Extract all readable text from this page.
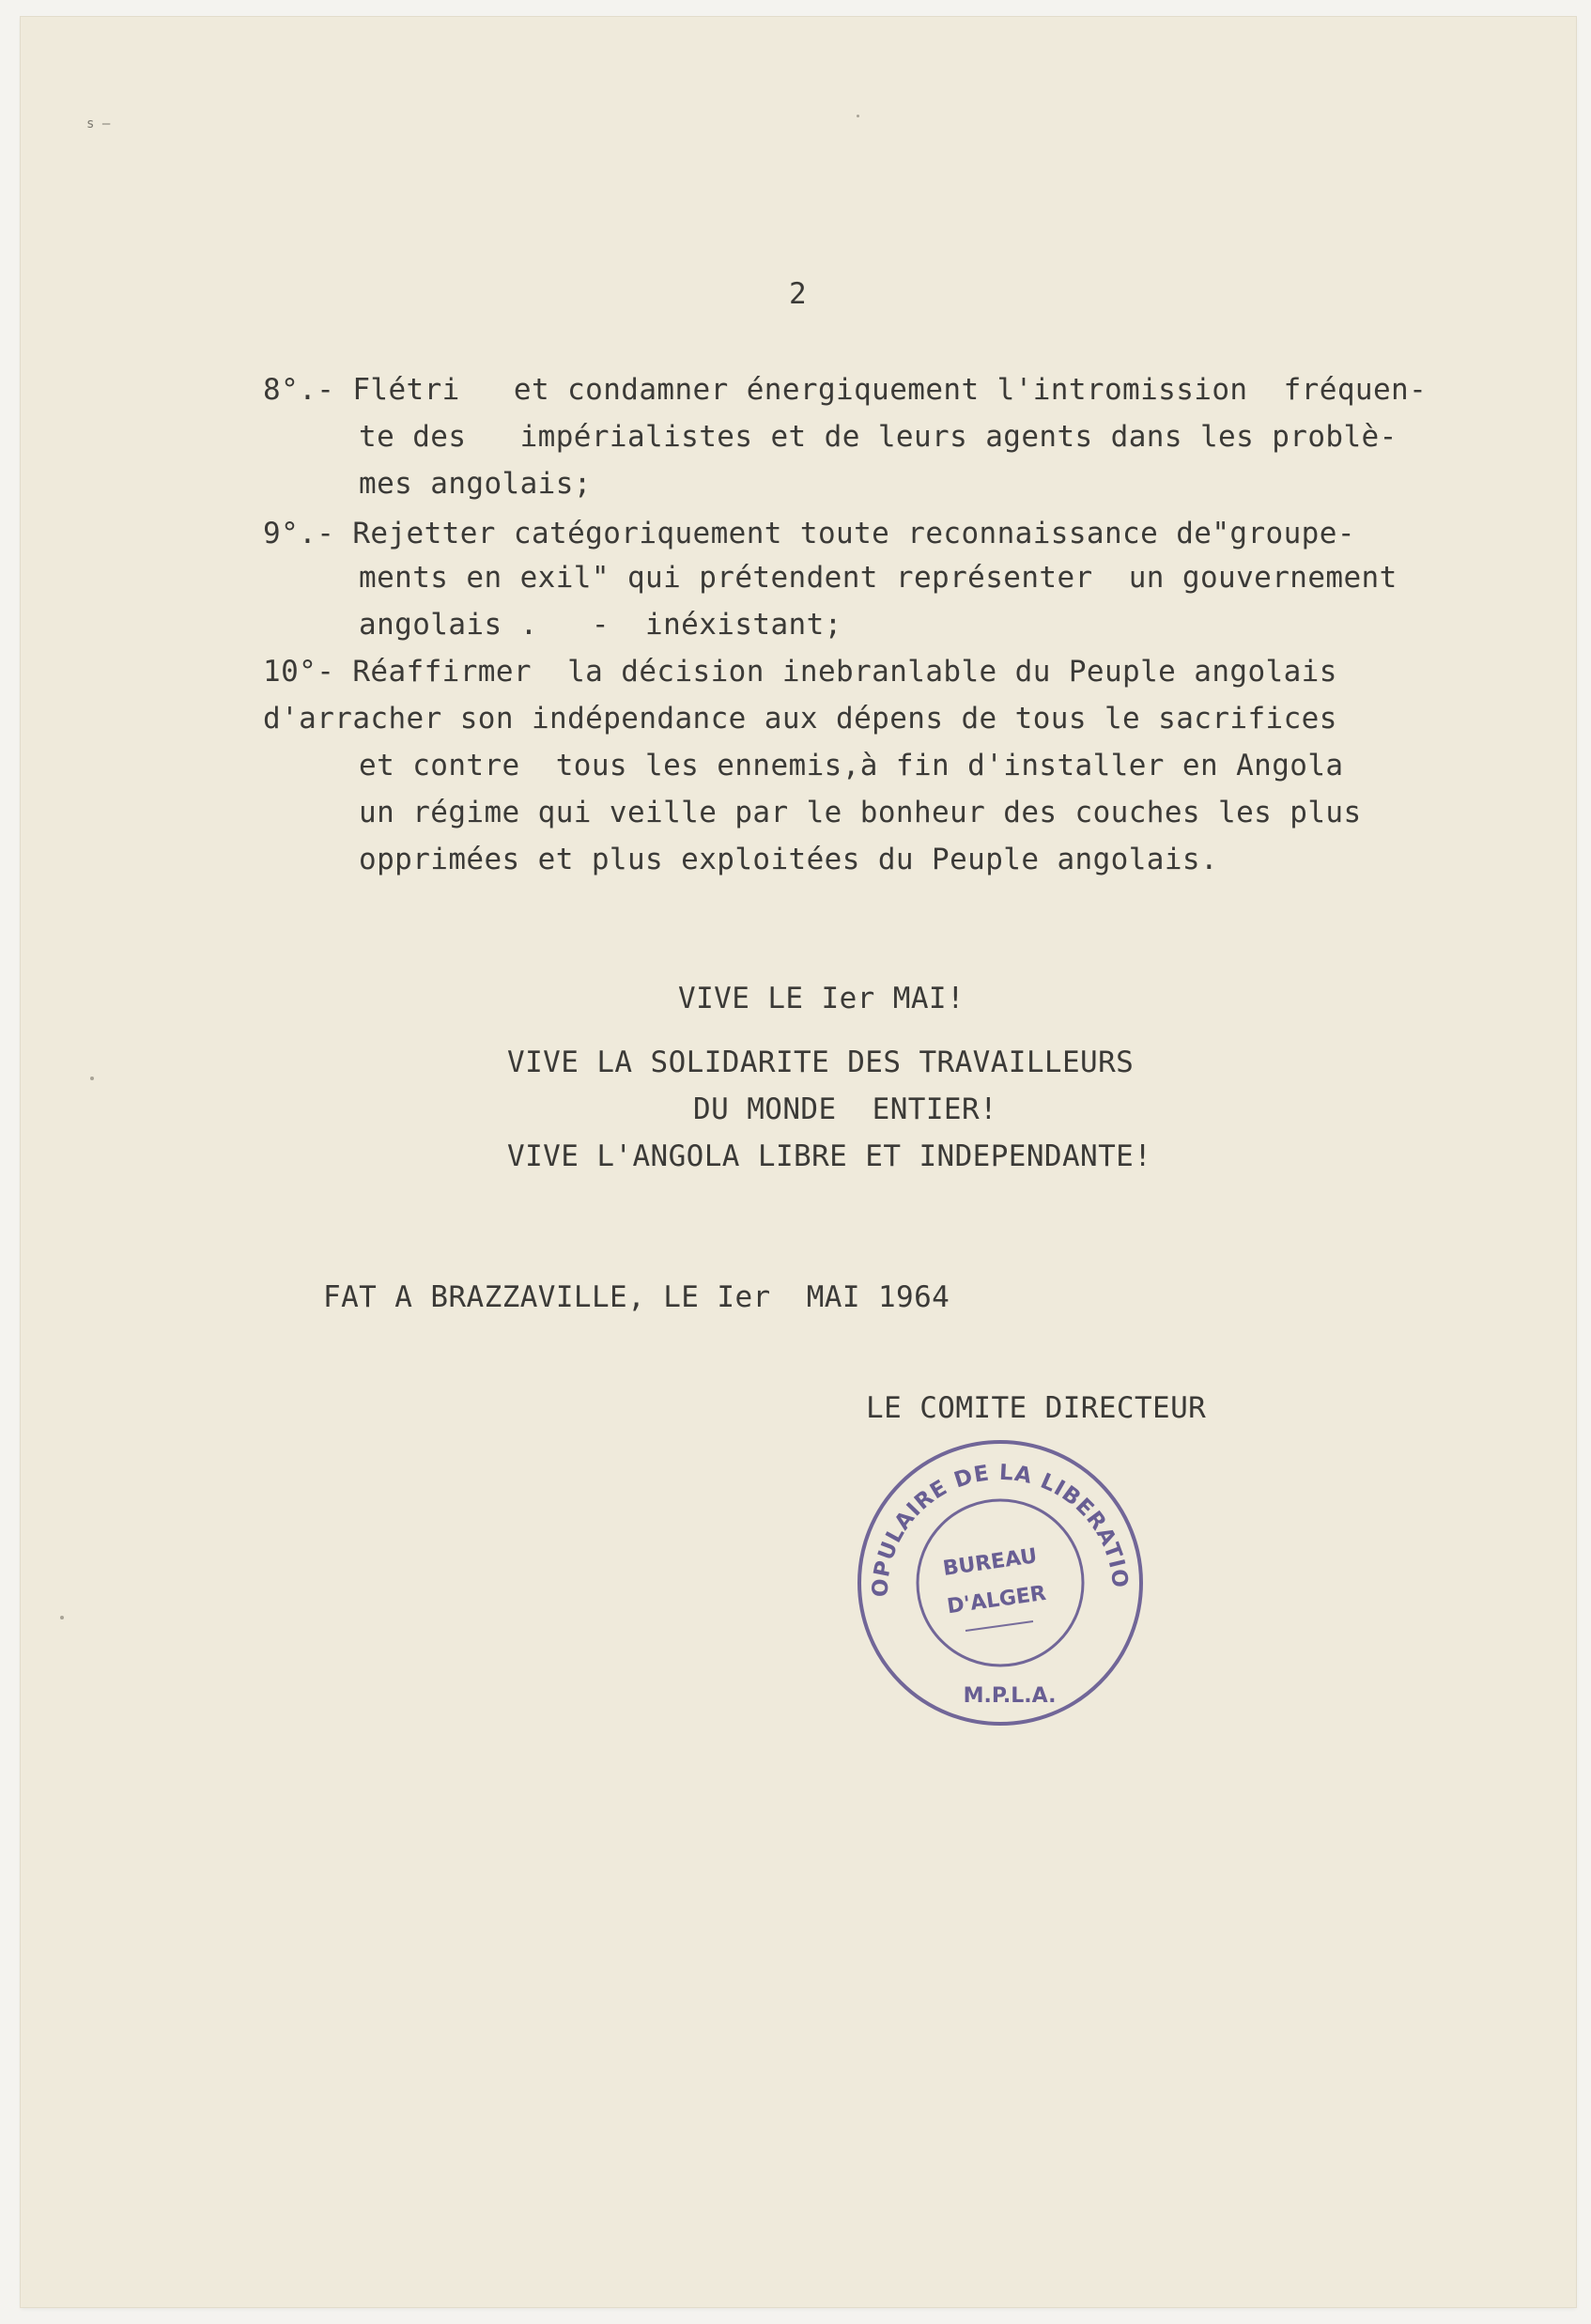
s —
2
8°.- Flétri   et condamner énergiquement l'intromission  fréquen-
te des   impérialistes et de leurs agents dans les problè-
mes angolais;
9°.- Rejetter catégoriquement toute reconnaissance de"groupe-
ments en exil" qui prétendent représenter  un gouvernement
angolais .   -  inéxistant;
10°- Réaffirmer  la décision inebranlable du Peuple angolais
d'arracher son indépendance aux dépens de tous le sacrifices
et contre  tous les ennemis,à fin d'installer en Angola
un régime qui veille par le bonheur des couches les plus
opprimées et plus exploitées du Peuple angolais.
VIVE LE Ier MAI!
VIVE LA SOLIDARITE DES TRAVAILLEURS
DU MONDE  ENTIER!
VIVE L'ANGOLA LIBRE ET INDEPENDANTE!
FAT A BRAZZAVILLE, LE Ier  MAI 1964
LE COMITE DIRECTEUR
OPULAIRE DE LA LIBERATIO
M.P.L.A.
BUREAU
D'ALGER
